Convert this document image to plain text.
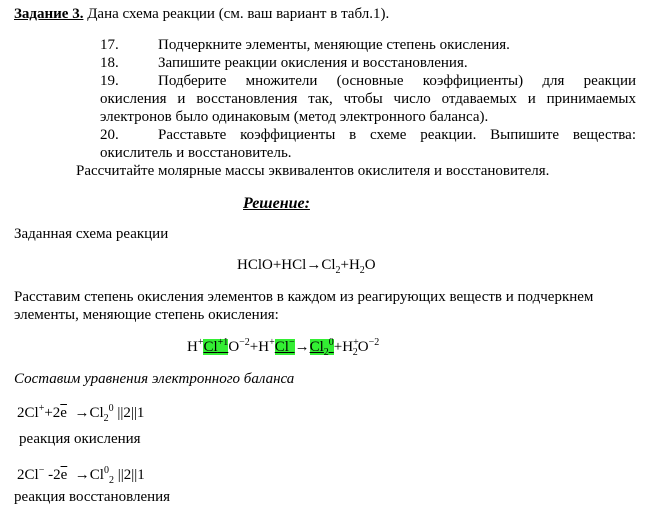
Задание 3. Дана схема реакции (см. ваш вариант в табл.1).
17.	Подчеркните элементы, меняющие степень окисления.
18.	Запишите реакции окисления и восстановления.
19.	Подберите множители (основные коэффициенты) для реакции
окисления и восстановления так, чтобы число отдаваемых и принимаемых
электронов было одинаковым (метод электронного баланса).
20.	Расставьте коэффициенты в схеме реакции. Выпишите вещества:
окислитель и восстановитель.
Рассчитайте молярные массы эквивалентов окислителя и восстановителя.
Решение:
Заданная схема реакции
$HClO+HCl\to Cl_2+H_2O$
Расставим степень окисления элементов в каждом из реагирующих веществ и подчеркнем
элементы, меняющие степень окисления:
$H^+Cl^{+1}O^{-2}+H^+Cl^-\to Cl_2^0+H^+_2O^{-2}$
Составим уравнения электронного баланса
$2Cl^++2\overline{e} \to Cl_2^0$ ||2||1
реакция окисления
2Cl− $-2\overline{e} \to Cl^0_2$ ||2||1
реакция восстановления
